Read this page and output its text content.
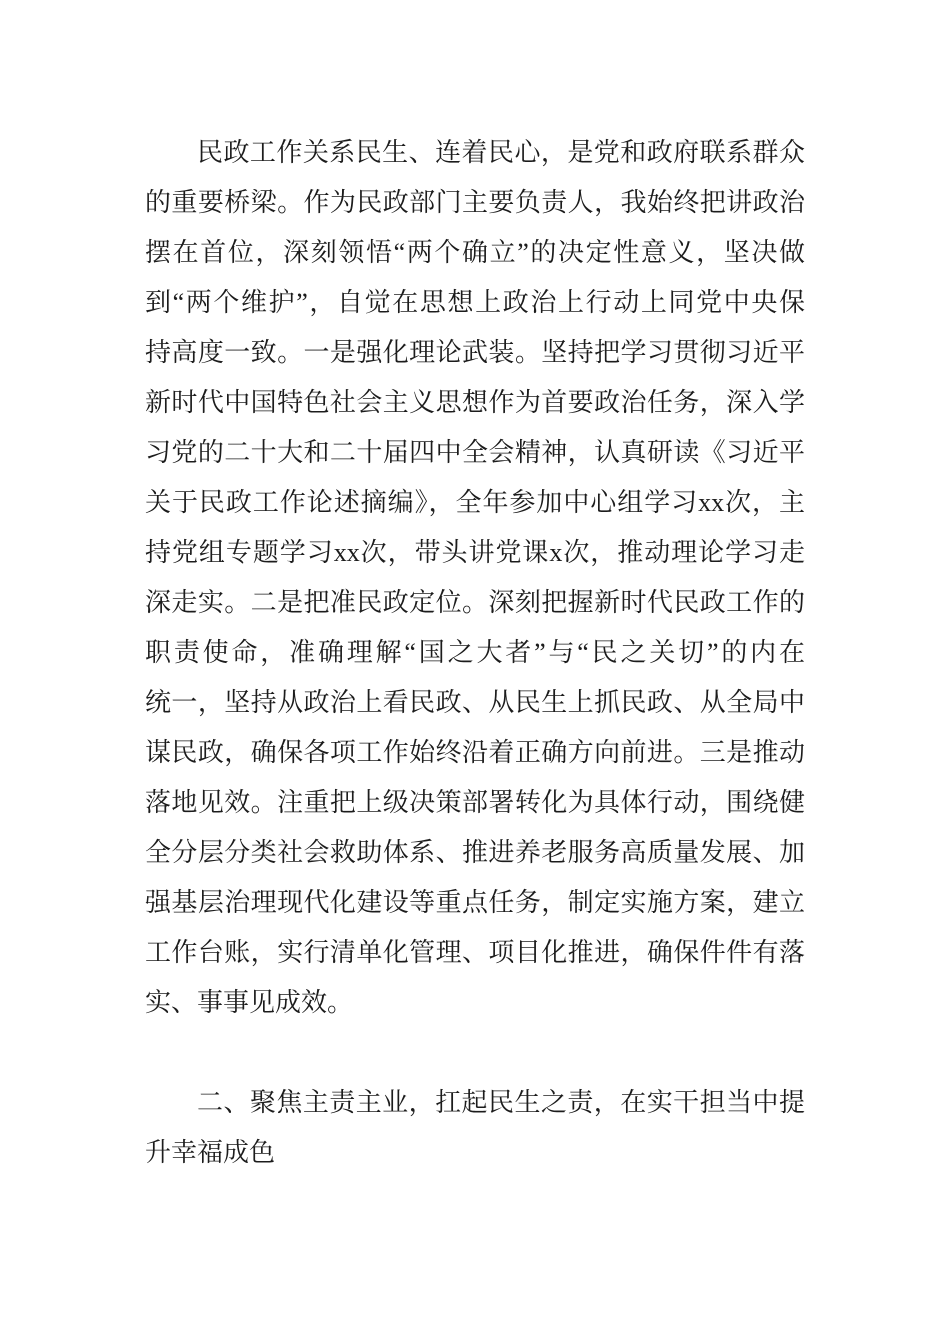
民政工作关系民生、连着民心，是党和政府联系群众
的重要桥梁。作为民政部门主要负责人，我始终把讲政治
摆在首位，深刻领悟“两个确立”的决定性意义，坚决做
到“两个维护”，自觉在思想上政治上行动上同党中央保
持高度一致。一是强化理论武装。坚持把学习贯彻习近平
新时代中国特色社会主义思想作为首要政治任务，深入学
习党的二十大和二十届四中全会精神，认真研读《习近平
关于民政工作论述摘编》，全年参加中心组学习xx次，主
持党组专题学习xx次，带头讲党课x次，推动理论学习走
深走实。二是把准民政定位。深刻把握新时代民政工作的
职责使命，准确理解“国之大者”与“民之关切”的内在
统一，坚持从政治上看民政、从民生上抓民政、从全局中
谋民政，确保各项工作始终沿着正确方向前进。三是推动
落地见效。注重把上级决策部署转化为具体行动，围绕健
全分层分类社会救助体系、推进养老服务高质量发展、加
强基层治理现代化建设等重点任务，制定实施方案，建立
工作台账，实行清单化管理、项目化推进，确保件件有落
实、事事见成效。
二、聚焦主责主业，扛起民生之责，在实干担当中提
升幸福成色
